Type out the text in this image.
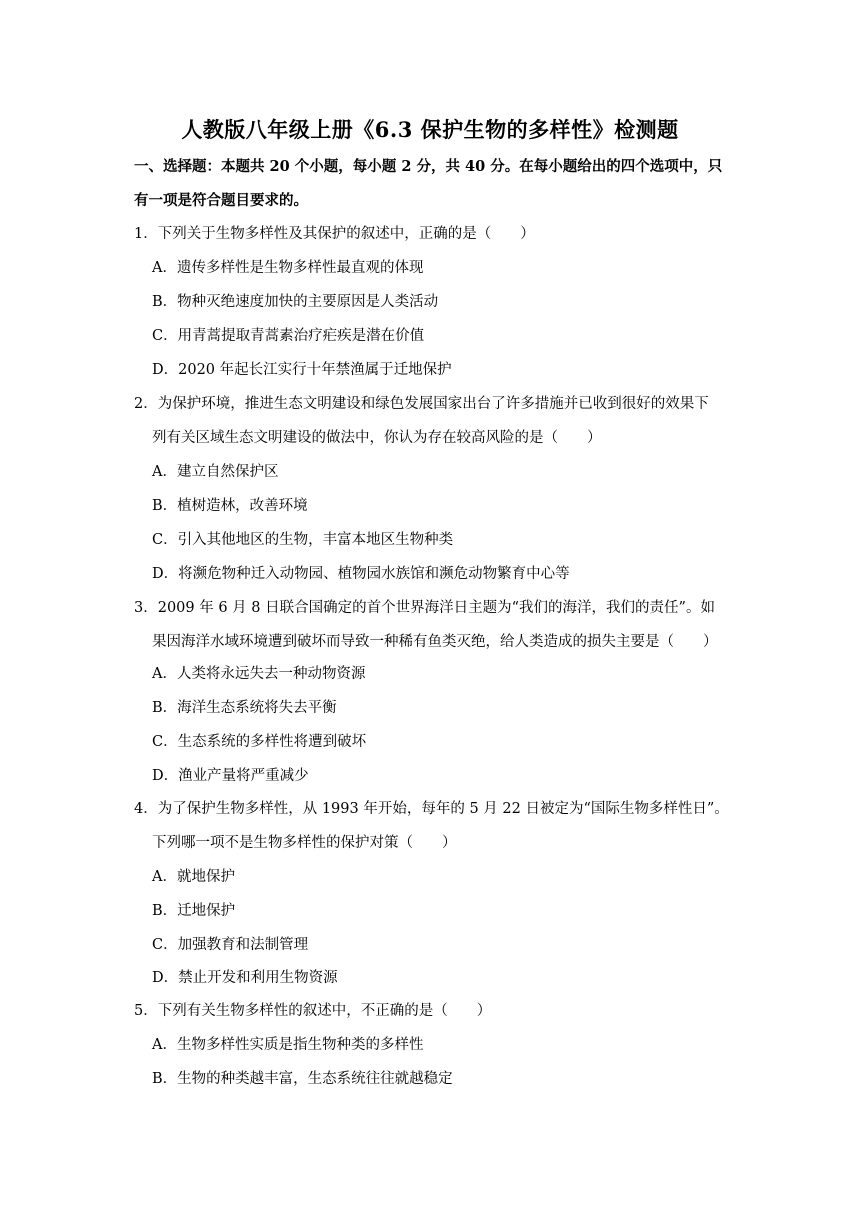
人教版八年级上册《6.3 保护生物的多样性》检测题
一、选择题：本题共 20 个小题，每小题 2 分，共 40 分。在每小题给出的四个选项中，只
有一项是符合题目要求的。
1．下列关于生物多样性及其保护的叙述中，正确的是（　　）
A．遗传多样性是生物多样性最直观的体现
B．物种灭绝速度加快的主要原因是人类活动
C．用青蒿提取青蒿素治疗疟疾是潜在价值
D．2020 年起长江实行十年禁渔属于迁地保护
2．为保护环境，推进生态文明建设和绿色发展国家出台了许多措施并已收到很好的效果下
列有关区域生态文明建设的做法中，你认为存在较高风险的是（　　）
A．建立自然保护区
B．植树造林，改善环境
C．引入其他地区的生物，丰富本地区生物种类
D．将濒危物种迁入动物园、植物园水族馆和濒危动物繁育中心等
3．2009 年 6 月 8 日联合国确定的首个世界海洋日主题为“我们的海洋，我们的责任”。如
果因海洋水域环境遭到破坏而导致一种稀有鱼类灭绝，给人类造成的损失主要是（　　）
A．人类将永远失去一种动物资源
B．海洋生态系统将失去平衡
C．生态系统的多样性将遭到破坏
D．渔业产量将严重减少
4．为了保护生物多样性，从 1993 年开始，每年的 5 月 22 日被定为“国际生物多样性日”。
下列哪一项不是生物多样性的保护对策（　　）
A．就地保护
B．迁地保护
C．加强教育和法制管理
D．禁止开发和利用生物资源
5．下列有关生物多样性的叙述中，不正确的是（　　）
A．生物多样性实质是指生物种类的多样性
B．生物的种类越丰富，生态系统往往就越稳定
